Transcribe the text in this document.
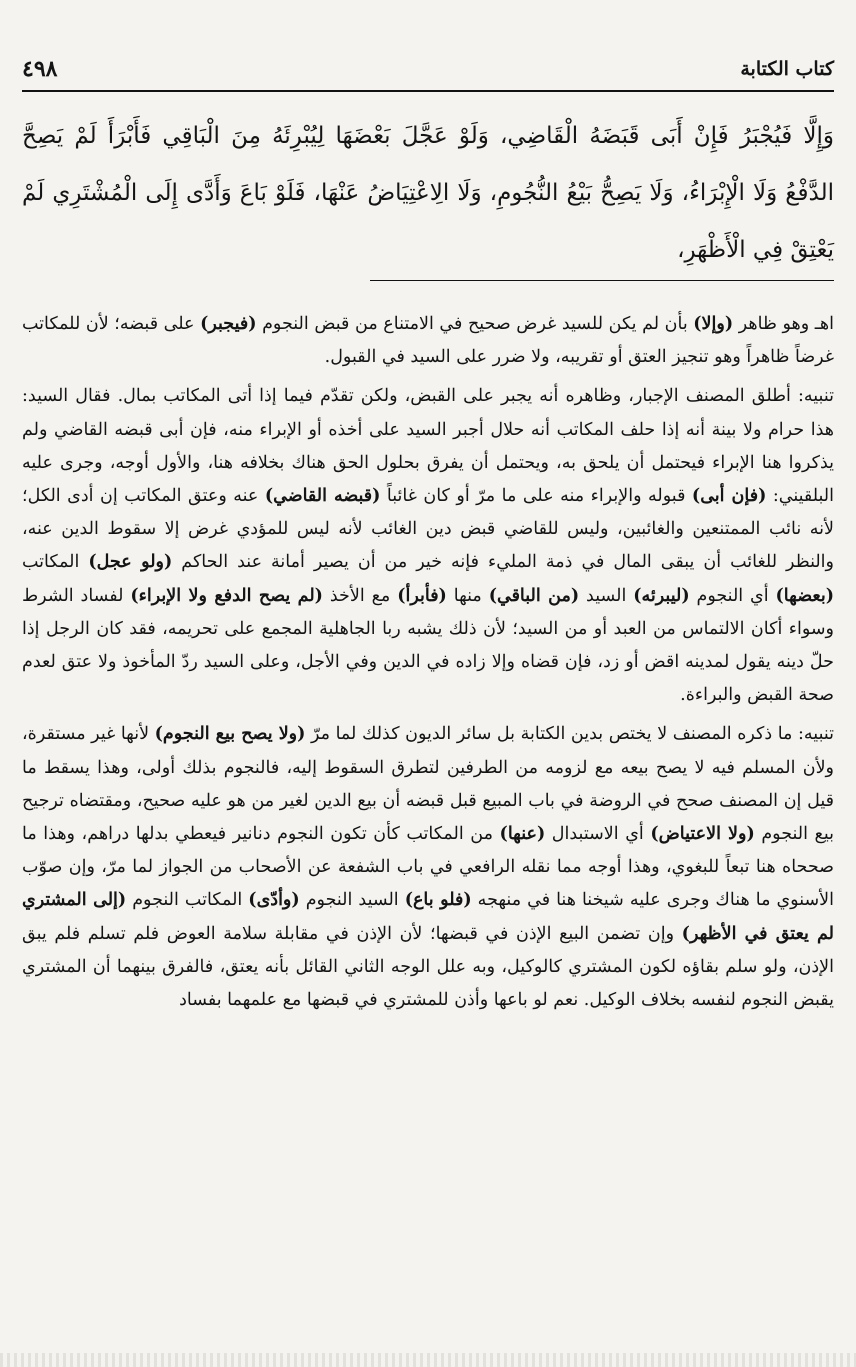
كتاب الكتابة
٤٩٨
وَإِلَّا فَيُجْبَرُ فَإِنْ أَبَى قَبَضَهُ الْقَاضِي، وَلَوْ عَجَّلَ بَعْضَهَا لِيُبْرِئَهُ مِنَ الْبَاقِي فَأَبْرَأَ لَمْ يَصِحَّ الدَّفْعُ وَلَا الْإِبْرَاءُ، وَلَا يَصِحُّ بَيْعُ النُّجُومِ، وَلَا الِاعْتِيَاضُ عَنْهَا، فَلَوْ بَاعَ وَأَدَّى إِلَى الْمُشْتَرِي لَمْ يَعْتِقْ فِي الْأَظْهَرِ،

اهـ وهو ظاهر (وإلا) بأن لم يكن للسيد غرض صحيح في الامتناع من قبض النجوم (فيجبر) على قبضه؛ لأن للمكاتب غرضاً ظاهراً وهو تنجيز العتق أو تقريبه، ولا ضرر على السيد في القبول.

تنبيه: أطلق المصنف الإجبار، وظاهره أنه يجبر على القبض، ولكن تقدّم فيما إذا أتى المكاتب بمال. فقال السيد: هذا حرام ولا بينة أنه إذا حلف المكاتب أنه حلال أجبر السيد على أخذه أو الإبراء منه، فإن أبى قبضه القاضي ولم يذكروا هنا الإبراء فيحتمل أن يلحق به، ويحتمل أن يفرق بحلول الحق هناك بخلافه هنا، والأول أوجه، وجرى عليه البلقيني: (فإن أبى) قبوله والإبراء منه على ما مرّ أو كان غائباً (قبضه القاضي) عنه وعتق المكاتب إن أدى الكل؛ لأنه نائب الممتنعين والغائبين، وليس للقاضي قبض دين الغائب لأنه ليس للمؤدي غرض إلا سقوط الدين عنه، والنظر للغائب أن يبقى المال في ذمة المليء فإنه خير من أن يصير أمانة عند الحاكم (ولو عجل) المكاتب (بعضها) أي النجوم (ليبرئه) السيد (من الباقي) منها (فأبرأ) مع الأخذ (لم يصح الدفع ولا الإبراء) لفساد الشرط وسواء أكان الالتماس من العبد أو من السيد؛ لأن ذلك يشبه ربا الجاهلية المجمع على تحريمه، فقد كان الرجل إذا حلّ دينه يقول لمدينه اقض أو زد، فإن قضاه وإلا زاده في الدين وفي الأجل، وعلى السيد ردّ المأخوذ ولا عتق لعدم صحة القبض والبراءة.

تنبيه: ما ذكره المصنف لا يختص بدين الكتابة بل سائر الديون كذلك لما مرّ (ولا يصح بيع النجوم) لأنها غير مستقرة، ولأن المسلم فيه لا يصح بيعه مع لزومه من الطرفين لتطرق السقوط إليه، فالنجوم بذلك أولى، وهذا يسقط ما قيل إن المصنف صحح في الروضة في باب المبيع قبل قبضه أن بيع الدين لغير من هو عليه صحيح، ومقتضاه ترجيح بيع النجوم (ولا الاعتياض) أي الاستبدال (عنها) من المكاتب كأن تكون النجوم دنانير فيعطي بدلها دراهم، وهذا ما صححاه هنا تبعاً للبغوي، وهذا أوجه مما نقله الرافعي في باب الشفعة عن الأصحاب من الجواز لما مرّ، وإن صوّب الأسنوي ما هناك وجرى عليه شيخنا هنا في منهجه (فلو باع) السيد النجوم (وأدّى) المكاتب النجوم (إلى المشتري لم يعتق في الأظهر) وإن تضمن البيع الإذن في قبضها؛ لأن الإذن في مقابلة سلامة العوض فلم تسلم فلم يبق الإذن، ولو سلم بقاؤه لكون المشتري كالوكيل، وبه علل الوجه الثاني القائل بأنه يعتق، فالفرق بينهما أن المشتري يقبض النجوم لنفسه بخلاف الوكيل. نعم لو باعها وأذن للمشتري في قبضها مع علمهما بفساد
